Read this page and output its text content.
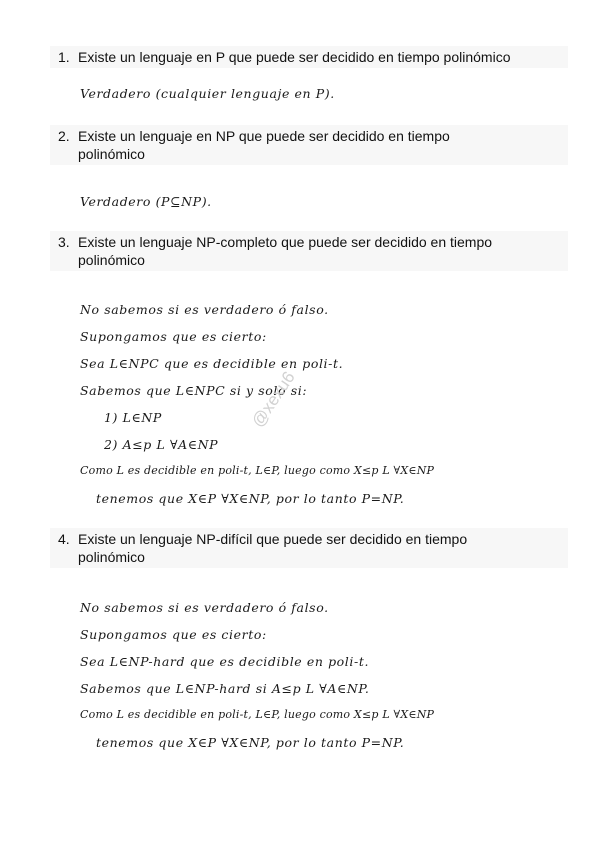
1. Existe un lenguaje en P que puede ser decidido en tiempo polinómico
Verdadero (cualquier lenguaje en P).
2. Existe un lenguaje en NP que puede ser decidido en tiempo
polinómico
Verdadero (P⊆NP).
3. Existe un lenguaje NP-completo que puede ser decidido en tiempo
polinómico
No sabemos si es verdadero ó falso.
Supongamos que es cierto:
Sea L∈NPC que es decidible en poli-t.
Sabemos que L∈NPC si y solo si:
1) L∈NP
2) A≤p L ∀A∈NP
Como L es decidible en poli-t, L∈P, luego como X≤p L ∀X∈NP
tenemos que X∈P ∀X∈NP, por lo tanto P=NP.
4. Existe un lenguaje NP-difícil que puede ser decidido en tiempo
polinómico
No sabemos si es verdadero ó falso.
Supongamos que es cierto:
Sea L∈NP-hard que es decidible en poli-t.
Sabemos que L∈NP-hard si A≤p L ∀A∈NP.
Como L es decidible en poli-t, L∈P, luego como X≤p L ∀X∈NP
tenemos que X∈P ∀X∈NP, por lo tanto P=NP.
@xexu6
